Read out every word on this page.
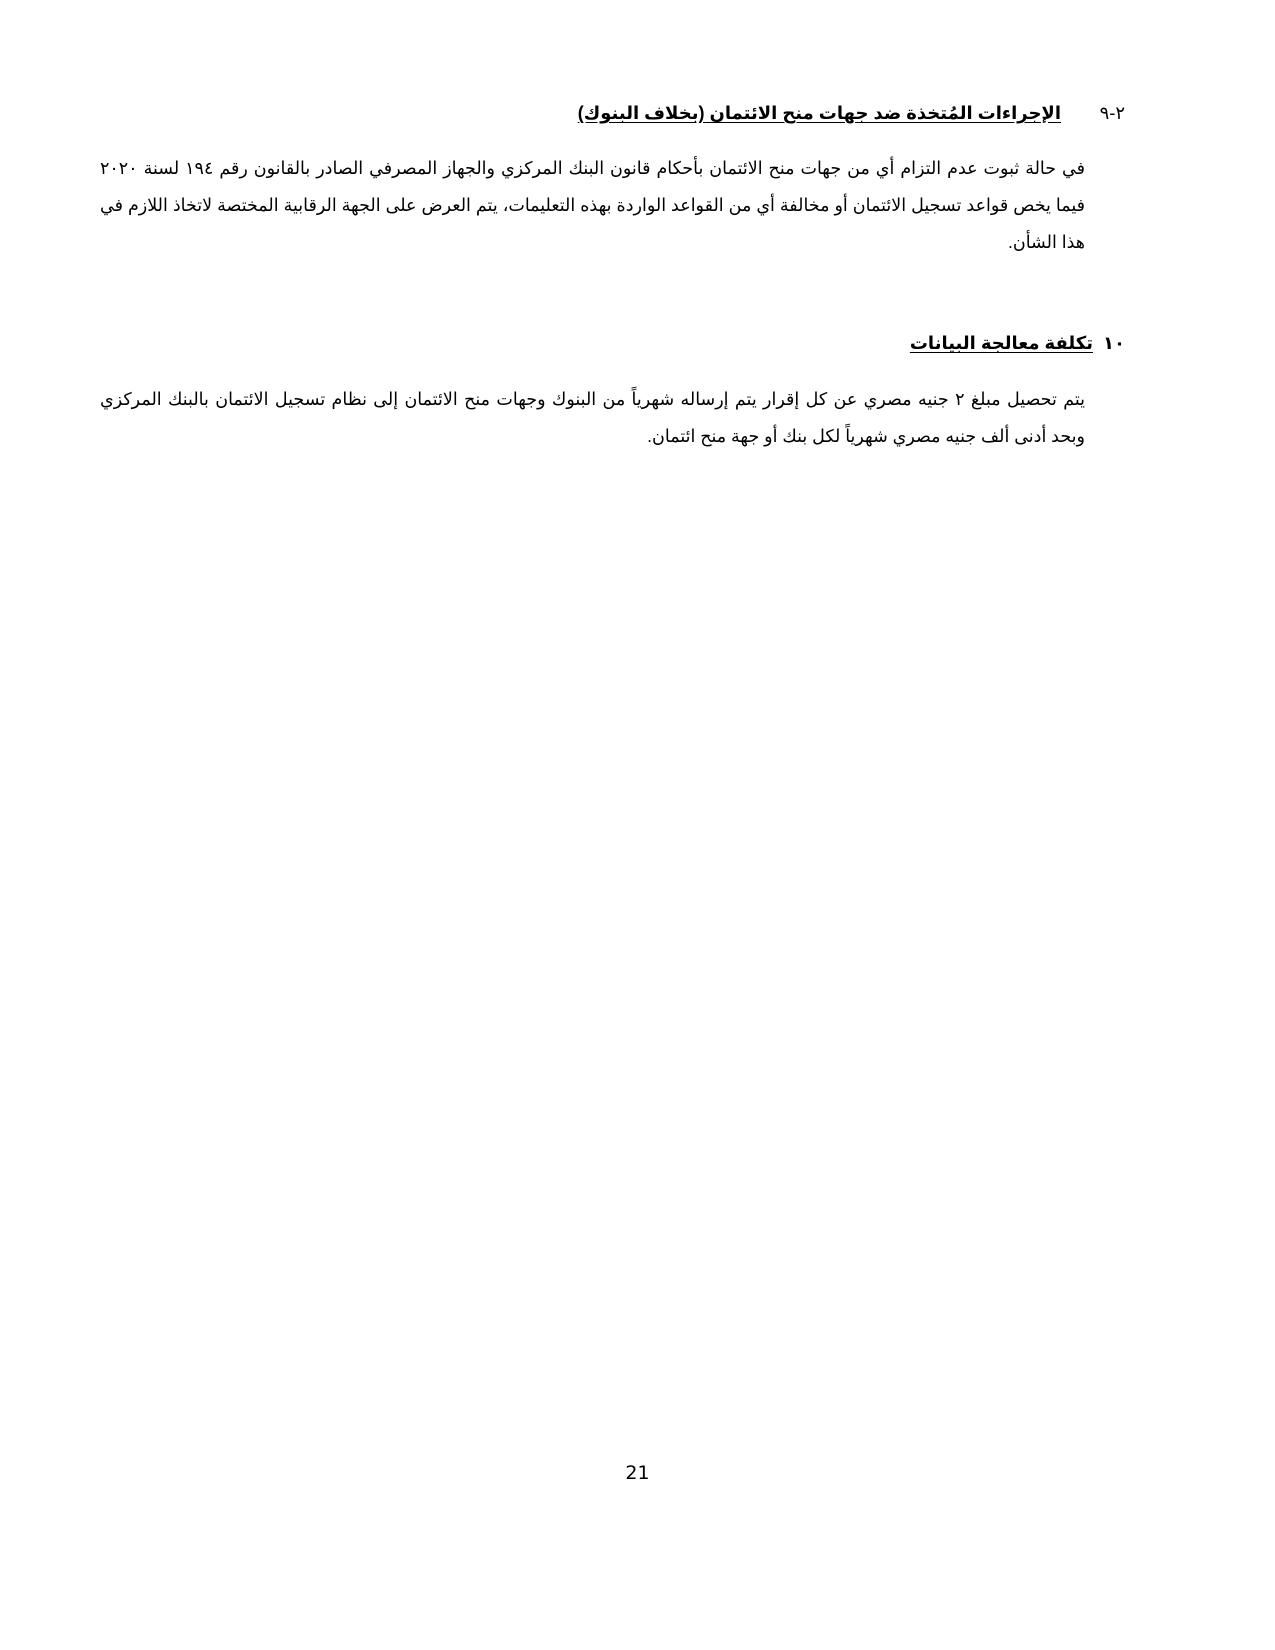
٢-٩
الإجراءات المُتخذة ضد جهات منح الائتمان (بخلاف البنوك)

في حالة ثبوت عدم التزام أي من جهات منح الائتمان بأحكام قانون البنك المركزي والجهاز المصرفي الصادر بالقانون رقم ١٩٤ لسنة ٢٠٢٠ فيما يخص قواعد تسجيل الائتمان أو مخالفة أي من القواعد الواردة بهذه التعليمات، يتم العرض على الجهة الرقابية المختصة لاتخاذ اللازم في هذا الشأن.

١٠
تكلفة معالجة البيانات

يتم تحصيل مبلغ ٢ جنيه مصري عن كل إقرار يتم إرساله شهرياً من البنوك وجهات منح الائتمان إلى نظام تسجيل الائتمان بالبنك المركزي وبحد أدنى ألف جنيه مصري شهرياً لكل بنك أو جهة منح ائتمان.

21
